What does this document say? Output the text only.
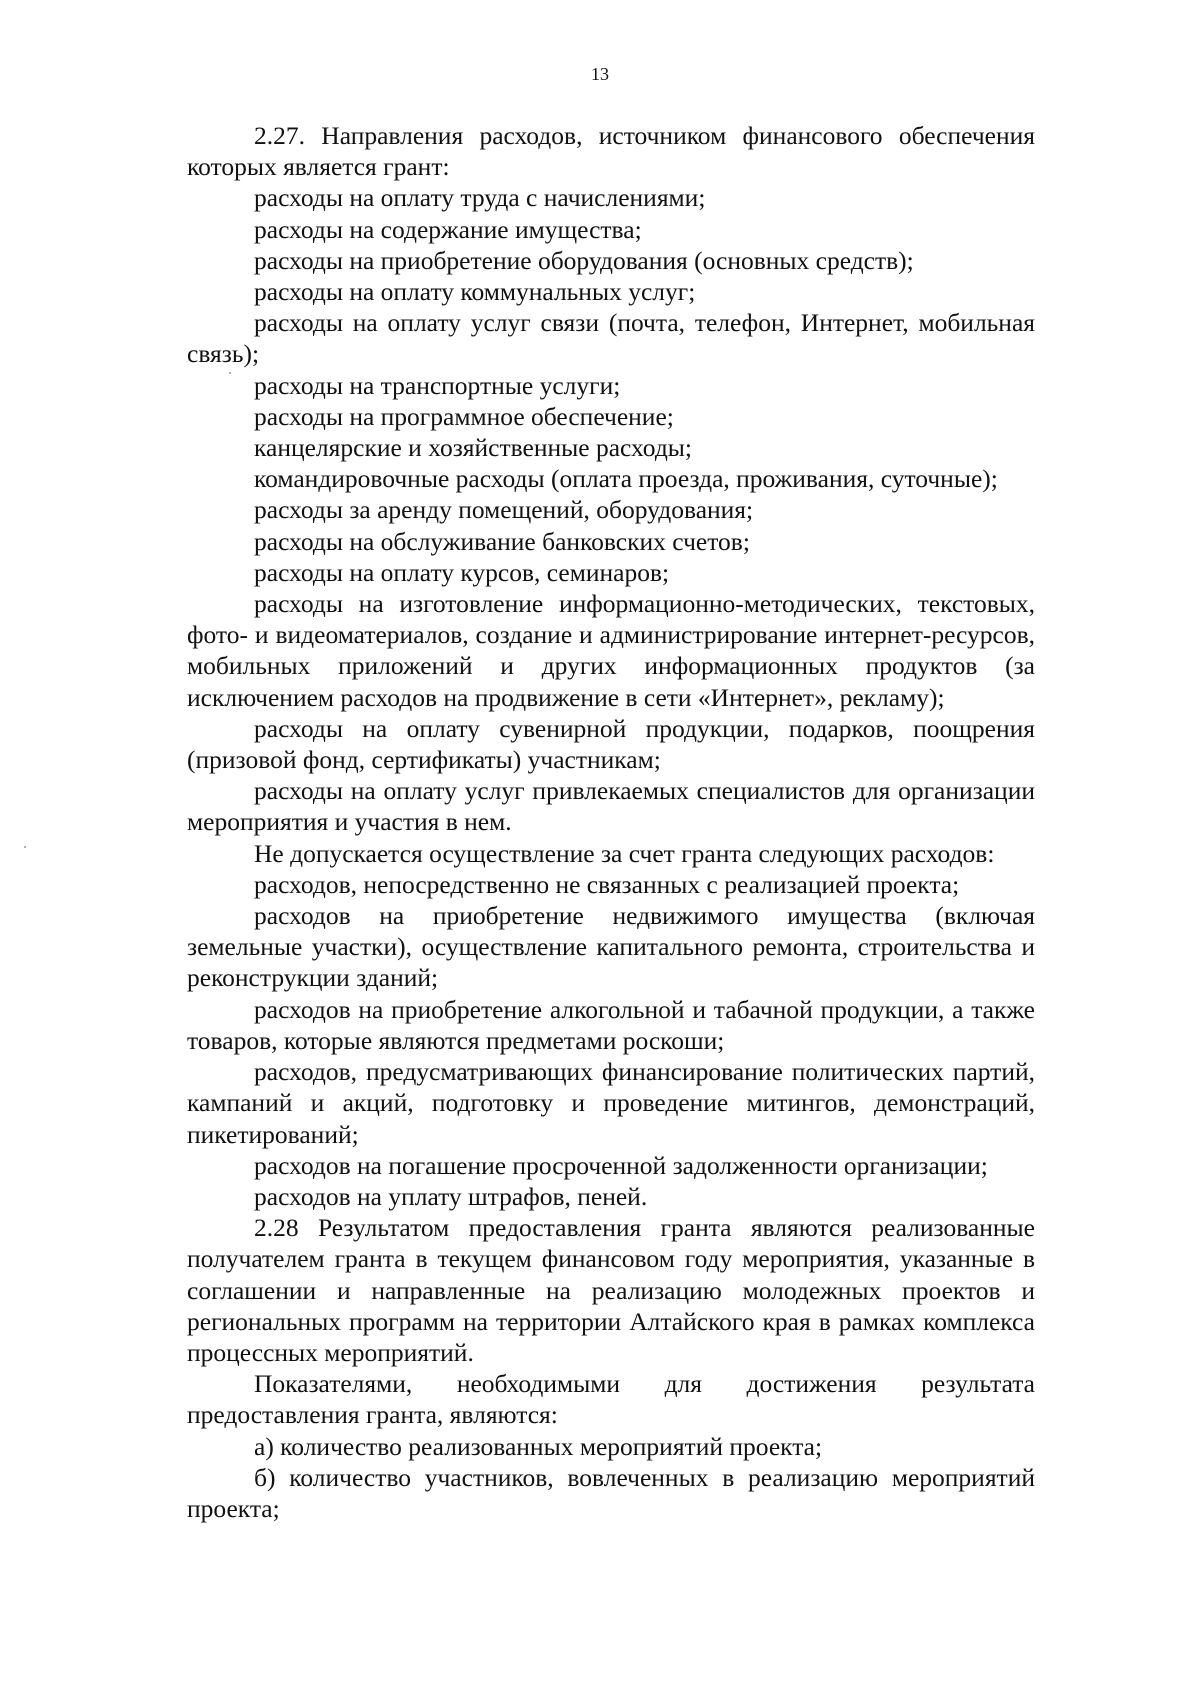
13

2.27. Направления расходов, источником финансового обеспечения которых является грант:

расходы на оплату труда с начислениями;

расходы на содержание имущества;

расходы на приобретение оборудования (основных средств);

расходы на оплату коммунальных услуг;

расходы на оплату услуг связи (почта, телефон, Интернет, мобильная связь);

расходы на транспортные услуги;

расходы на программное обеспечение;

канцелярские и хозяйственные расходы;

командировочные расходы (оплата проезда, проживания, суточные);

расходы за аренду помещений, оборудования;

расходы на обслуживание банковских счетов;

расходы на оплату курсов, семинаров;

расходы на изготовление информационно-методических, текстовых, фото- и видеоматериалов, создание и администрирование интернет-ресурсов, мобильных приложений и других информационных продуктов (за исключением расходов на продвижение в сети «Интернет», рекламу);

расходы на оплату сувенирной продукции, подарков, поощрения (призовой фонд, сертификаты) участникам;

расходы на оплату услуг привлекаемых специалистов для организации мероприятия и участия в нем.

Не допускается осуществление за счет гранта следующих расходов:

расходов, непосредственно не связанных с реализацией проекта;

расходов на приобретение недвижимого имущества (включая земельные участки), осуществление капитального ремонта, строительства и реконструкции зданий;

расходов на приобретение алкогольной и табачной продукции, а также товаров, которые являются предметами роскоши;

расходов, предусматривающих финансирование политических партий, кампаний и акций, подготовку и проведение митингов, демонстраций, пикетирований;

расходов на погашение просроченной задолженности организации;

расходов на уплату штрафов, пеней.

2.28 Результатом предоставления гранта являются реализованные получателем гранта в текущем финансовом году мероприятия, указанные в соглашении и направленные на реализацию молодежных проектов и региональных программ на территории Алтайского края в рамках комплекса процессных мероприятий.

Показателями, необходимыми для достижения результата предоставления гранта, являются:

а) количество реализованных мероприятий проекта;

б) количество участников, вовлеченных в реализацию мероприятий проекта;
